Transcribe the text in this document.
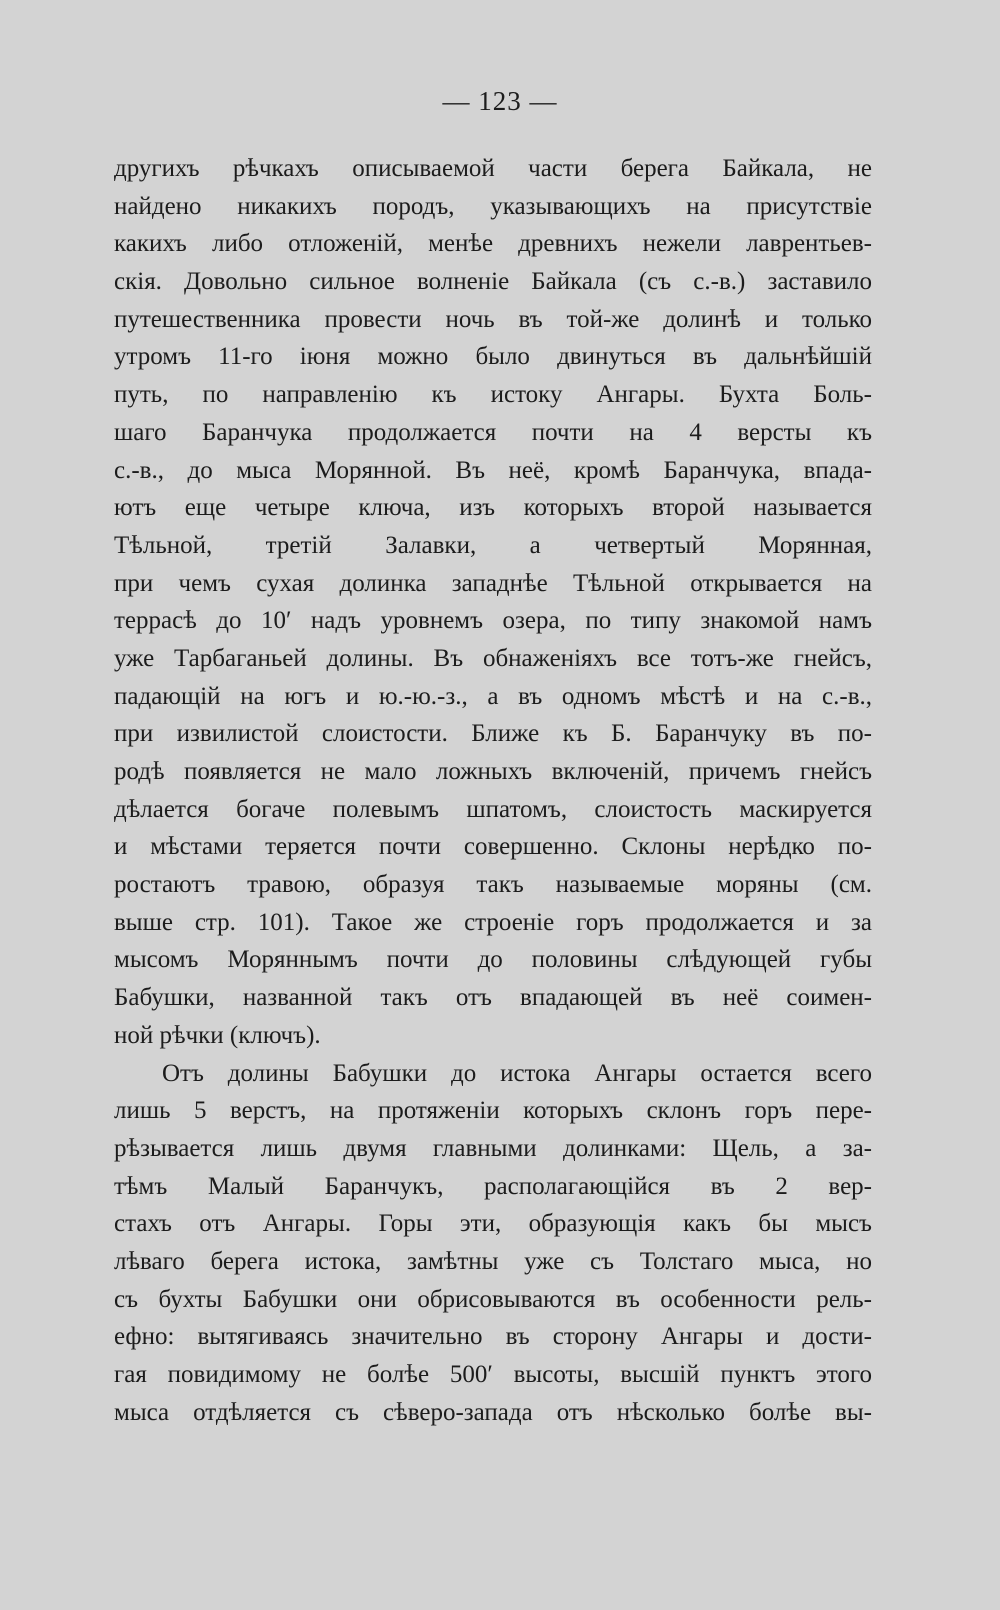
— 123 —
другихъ рѣчкахъ описываемой части берега Байкала, не
найдено никакихъ породъ, указывающихъ на присутствіе
какихъ либо отложеній, менѣе древнихъ нежели лаврентьев-
скія. Довольно сильное волненіе Байкала (съ с.-в.) заставило
путешественника провести ночь въ той-же долинѣ и только
утромъ 11-го іюня можно было двинуться въ дальнѣйшій
путь, по направленію къ истоку Ангары. Бухта Боль-
шаго Баранчука продолжается почти на 4 версты къ
с.-в., до мыса Морянной. Въ неё, кромѣ Баранчука, впада-
ютъ еще четыре ключа, изъ которыхъ второй называется
Тѣльной, третій Залавки, а четвертый Морянная,
при чемъ сухая долинка западнѣе Тѣльной открывается на
террасѣ до 10′ надъ уровнемъ озера, по типу знакомой намъ
уже Тарбаганьей долины. Въ обнаженіяхъ все тотъ-же гнейсъ,
падающій на югъ и ю.-ю.-з., а въ одномъ мѣстѣ и на с.-в.,
при извилистой слоистости. Ближе къ Б. Баранчуку въ по-
родѣ появляется не мало ложныхъ включеній, причемъ гнейсъ
дѣлается богаче полевымъ шпатомъ, слоистость маскируется
и мѣстами теряется почти совершенно. Склоны нерѣдко по-
ростаютъ травою, образуя такъ называемые моряны (см.
выше стр. 101). Такое же строеніе горъ продолжается и за
мысомъ Моряннымъ почти до половины слѣдующей губы
Бабушки, названной такъ отъ впадающей въ неё соимен-
ной рѣчки (ключъ).
Отъ долины Бабушки до истока Ангары остается всего
лишь 5 верстъ, на протяженіи которыхъ склонъ горъ пере-
рѣзывается лишь двумя главными долинками: Щель, а за-
тѣмъ Малый Баранчукъ, располагающійся въ 2 вер-
стахъ отъ Ангары. Горы эти, образующія какъ бы мысъ
лѣваго берега истока, замѣтны уже съ Толстаго мыса, но
съ бухты Бабушки они обрисовываются въ особенности рель-
ефно: вытягиваясь значительно въ сторону Ангары и дости-
гая повидимому не болѣе 500′ высоты, высшій пунктъ этого
мыса отдѣляется съ сѣверо-запада отъ нѣсколько болѣе вы-
